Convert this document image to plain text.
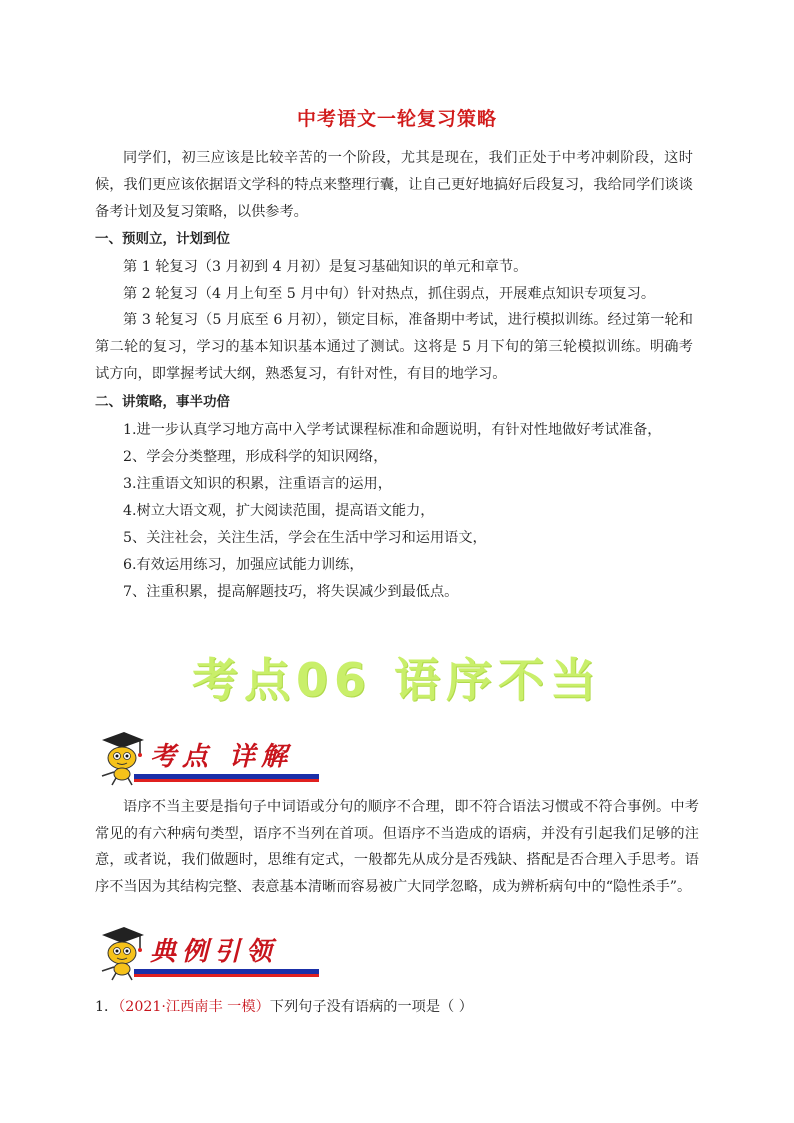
中考语文一轮复习策略
同学们，初三应该是比较辛苦的一个阶段，尤其是现在，我们正处于中考冲刺阶段，这时候，我们更应该依据语文学科的特点来整理行囊，让自己更好地搞好后段复习，我给同学们谈谈备考计划及复习策略，以供参考。
一、预则立，计划到位
第 1 轮复习（3 月初到 4 月初）是复习基础知识的单元和章节。
第 2 轮复习（4 月上旬至 5 月中旬）针对热点，抓住弱点，开展难点知识专项复习。
第 3 轮复习（5 月底至 6 月初），锁定目标，准备期中考试，进行模拟训练。经过第一轮和第二轮的复习，学习的基本知识基本通过了测试。这将是 5 月下旬的第三轮模拟训练。明确考试方向，即掌握考试大纲，熟悉复习，有针对性，有目的地学习。
二、讲策略，事半功倍
1.进一步认真学习地方高中入学考试课程标准和命题说明，有针对性地做好考试准备，
2、学会分类整理，形成科学的知识网络，
3.注重语文知识的积累，注重语言的运用，
4.树立大语文观，扩大阅读范围，提高语文能力，
5、关注社会，关注生活，学会在生活中学习和运用语文，
6.有效运用练习，加强应试能力训练，
7、注重积累，提高解题技巧，将失误减少到最低点。
考点06 语序不当
考点 详解
语序不当主要是指句子中词语或分句的顺序不合理，即不符合语法习惯或不符合事例。中考常见的有六种病句类型，语序不当列在首项。但语序不当造成的语病，并没有引起我们足够的注意，或者说，我们做题时，思维有定式，一般都先从成分是否残缺、搭配是否合理入手思考。语序不当因为其结构完整、表意基本清晰而容易被广大同学忽略，成为辨析病句中的“隐性杀手”。
典例引领
1．（2021·江西南丰 一模）下列句子没有语病的一项是（ ）
